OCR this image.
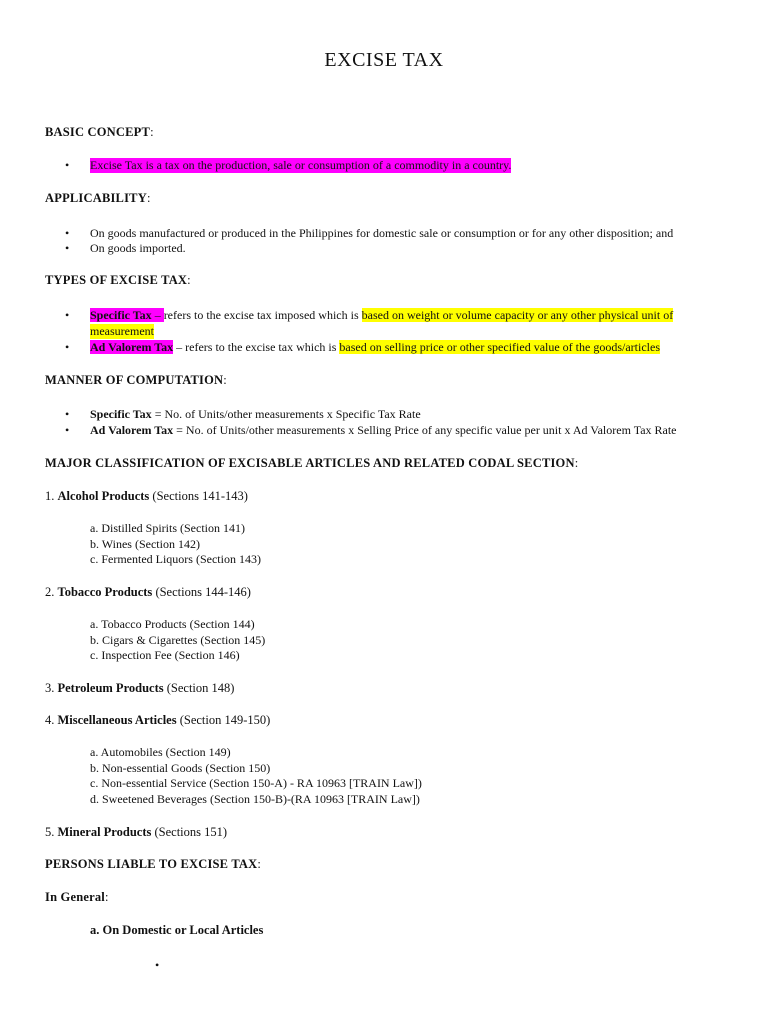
EXCISE TAX
BASIC CONCEPT:
• Excise Tax is a tax on the production, sale or consumption of a commodity in a country.
APPLICABILITY:
• On goods manufactured or produced in the Philippines for domestic sale or consumption or for any other disposition; and
• On goods imported.
TYPES OF EXCISE TAX:
• Specific Tax – refers to the excise tax imposed which is based on weight or volume capacity or any other physical unit of
measurement
• Ad Valorem Tax – refers to the excise tax which is based on selling price or other specified value of the goods/articles
MANNER OF COMPUTATION:
• Specific Tax = No. of Units/other measurements x Specific Tax Rate
• Ad Valorem Tax = No. of Units/other measurements x Selling Price of any specific value per unit x Ad Valorem Tax Rate
MAJOR CLASSIFICATION OF EXCISABLE ARTICLES AND RELATED CODAL SECTION:
1. Alcohol Products (Sections 141-143)
a. Distilled Spirits (Section 141)
b. Wines (Section 142)
c. Fermented Liquors (Section 143)
2. Tobacco Products (Sections 144-146)
a. Tobacco Products (Section 144)
b. Cigars & Cigarettes (Section 145)
c. Inspection Fee (Section 146)
3. Petroleum Products (Section 148)
4. Miscellaneous Articles (Section 149-150)
a. Automobiles (Section 149)
b. Non-essential Goods (Section 150)
c. Non-essential Service (Section 150-A) - RA 10963 [TRAIN Law])
d. Sweetened Beverages (Section 150-B)-(RA 10963 [TRAIN Law])
5. Mineral Products (Sections 151)
PERSONS LIABLE TO EXCISE TAX:
In General:
a. On Domestic or Local Articles
•
